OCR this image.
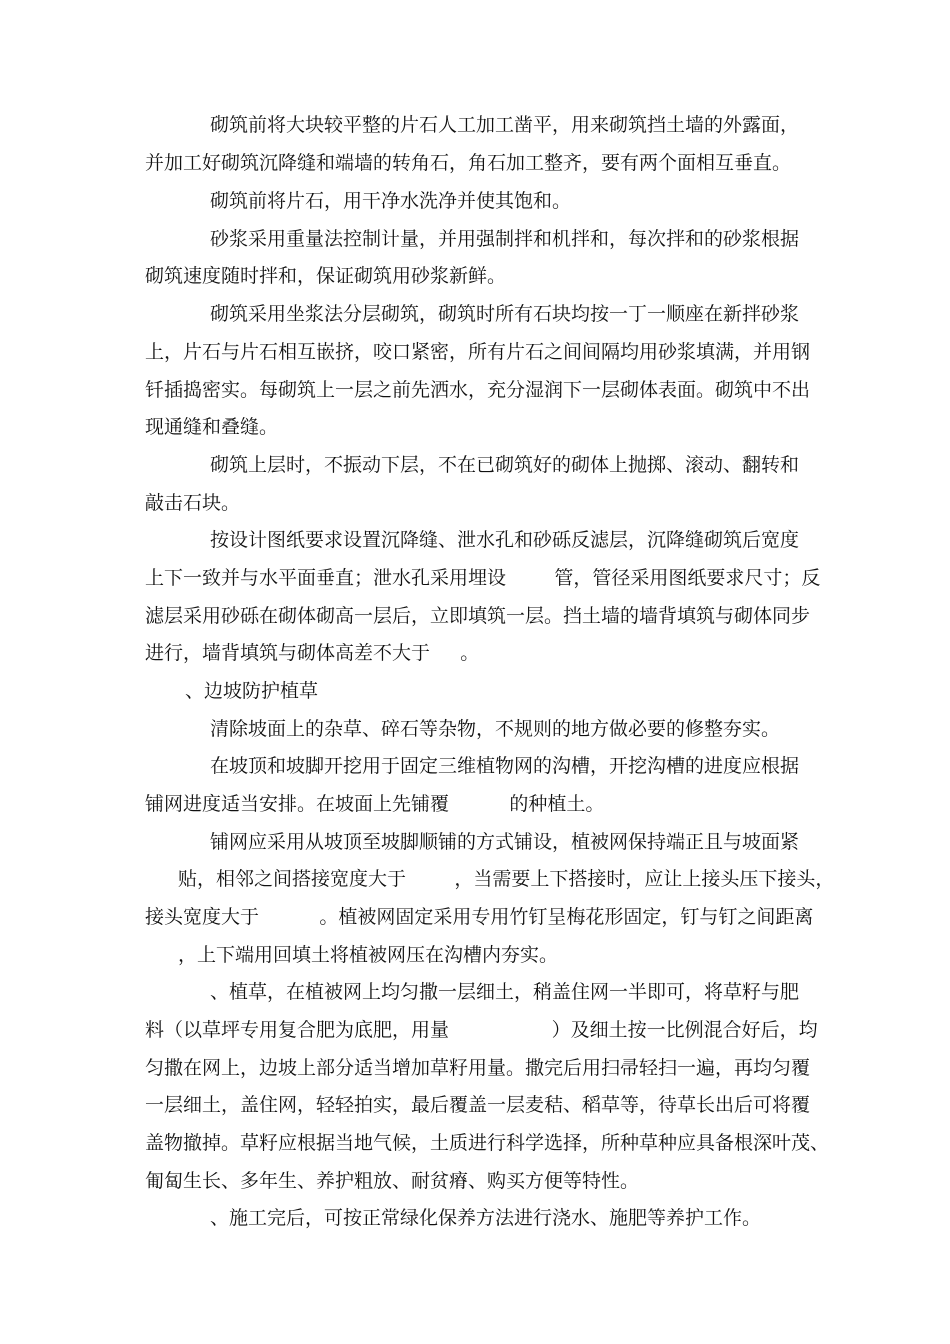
砌筑前将大块较平整的片石人工加工凿平，用来砌筑挡土墙的外露面，
并加工好砌筑沉降缝和端墙的转角石，角石加工整齐，要有两个面相互垂直。
砌筑前将片石，用干净水洗净并使其饱和。
砂浆采用重量法控制计量，并用强制拌和机拌和，每次拌和的砂浆根据
砌筑速度随时拌和，保证砌筑用砂浆新鲜。
砌筑采用坐浆法分层砌筑，砌筑时所有石块均按一丁一顺座在新拌砂浆
上，片石与片石相互嵌挤，咬口紧密，所有片石之间间隔均用砂浆填满，并用钢
钎插捣密实。每砌筑上一层之前先洒水，充分湿润下一层砌体表面。砌筑中不出
现通缝和叠缝。
砌筑上层时，不振动下层，不在已砌筑好的砌体上抛掷、滚动、翻转和
敲击石块。
按设计图纸要求设置沉降缝、泄水孔和砂砾反滤层，沉降缝砌筑后宽度
上下一致并与水平面垂直；泄水孔采用埋设        管，管径采用图纸要求尺寸；反
滤层采用砂砾在砌体砌高一层后，立即填筑一层。挡土墙的墙背填筑与砌体同步
进行，墙背填筑与砌体高差不大于     。
、边坡防护植草
清除坡面上的杂草、碎石等杂物，不规则的地方做必要的修整夯实。
在坡顶和坡脚开挖用于固定三维植物网的沟槽，开挖沟槽的进度应根据
铺网进度适当安排。在坡面上先铺覆          的种植土。
铺网应采用从坡顶至坡脚顺铺的方式铺设，植被网保持端正且与坡面紧
贴，相邻之间搭接宽度大于        ，当需要上下搭接时，应让上接头压下接头，
接头宽度大于          。植被网固定采用专用竹钉呈梅花形固定，钉与钉之间距离
，上下端用回填土将植被网压在沟槽内夯实。
、植草，在植被网上均匀撒一层细土，稍盖住网一半即可，将草籽与肥
料（以草坪专用复合肥为底肥，用量                 ）及细土按一比例混合好后，均
匀撒在网上，边坡上部分适当增加草籽用量。撒完后用扫帚轻扫一遍，再均匀覆
一层细土，盖住网，轻轻拍实，最后覆盖一层麦秸、稻草等，待草长出后可将覆
盖物撤掉。草籽应根据当地气候，土质进行科学选择，所种草种应具备根深叶茂、
匍匐生长、多年生、养护粗放、耐贫瘠、购买方便等特性。
、施工完后，可按正常绿化保养方法进行浇水、施肥等养护工作。
